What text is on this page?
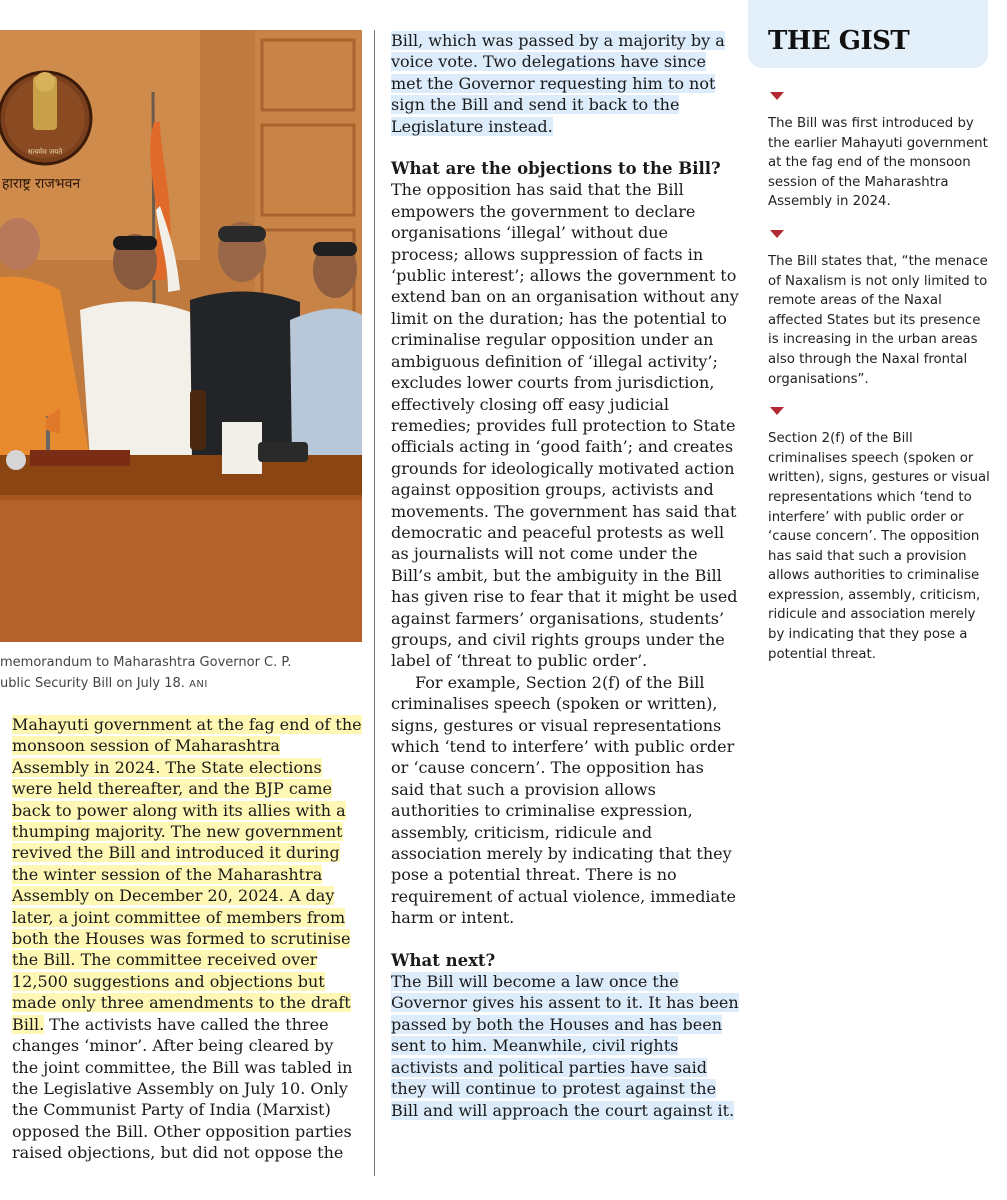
सत्यमेव जयते
हाराष्ट्र राजभवन
memorandum to Maharashtra Governor C. P.
ublic Security Bill on July 18. ANI

Mahayuti government at the fag end of the monsoon session of Maharashtra Assembly in 2024. The State elections were held thereafter, and the BJP came back to power along with its allies with a thumping majority. The new government revived the Bill and introduced it during the winter session of the Maharashtra Assembly on December 20, 2024. A day later, a joint committee of members from both the Houses was formed to scrutinise the Bill. The committee received over 12,500 suggestions and objections but made only three amendments to the draft Bill. The activists have called the three changes ‘minor’. After being cleared by the joint committee, the Bill was tabled in the Legislative Assembly on July 10. Only the Communist Party of India (Marxist) opposed the Bill. Other opposition parties raised objections, but did not oppose the

Bill, which was passed by a majority by a voice vote. Two delegations have since met the Governor requesting him to not sign the Bill and send it back to the Legislature instead.

What are the objections to the Bill?

The opposition has said that the Bill empowers the government to declare organisations ‘illegal’ without due process; allows suppression of facts in ‘public interest’; allows the government to extend ban on an organisation without any limit on the duration; has the potential to criminalise regular opposition under an ambiguous definition of ‘illegal activity’; excludes lower courts from jurisdiction, effectively closing off easy judicial remedies; provides full protection to State officials acting in ‘good faith’; and creates grounds for ideologically motivated action against opposition groups, activists and movements. The government has said that democratic and peaceful protests as well as journalists will not come under the Bill’s ambit, but the ambiguity in the Bill has given rise to fear that it might be used against farmers’ organisations, students’ groups, and civil rights groups under the label of ‘threat to public order’.

For example, Section 2(f) of the Bill criminalises speech (spoken or written), signs, gestures or visual representations which ‘tend to interfere’ with public order or ‘cause concern’. The opposition has said that such a provision allows authorities to criminalise expression, assembly, criticism, ridicule and association merely by indicating that they pose a potential threat. There is no requirement of actual violence, immediate harm or intent.

What next?

The Bill will become a law once the Governor gives his assent to it. It has been passed by both the Houses and has been sent to him. Meanwhile, civil rights activists and political parties have said they will continue to protest against the Bill and will approach the court against it.

THE GIST
The Bill was first introduced by the earlier Mahayuti government at the fag end of the monsoon session of the Maharashtra Assembly in 2024.
The Bill states that, “the menace of Naxalism is not only limited to remote areas of the Naxal affected States but its presence is increasing in the urban areas also through the Naxal frontal organisations”.
Section 2(f) of the Bill criminalises speech (spoken or written), signs, gestures or visual representations which ‘tend to interfere’ with public order or ‘cause concern’. The opposition has said that such a provision allows authorities to criminalise expression, assembly, criticism, ridicule and association merely by indicating that they pose a potential threat.
